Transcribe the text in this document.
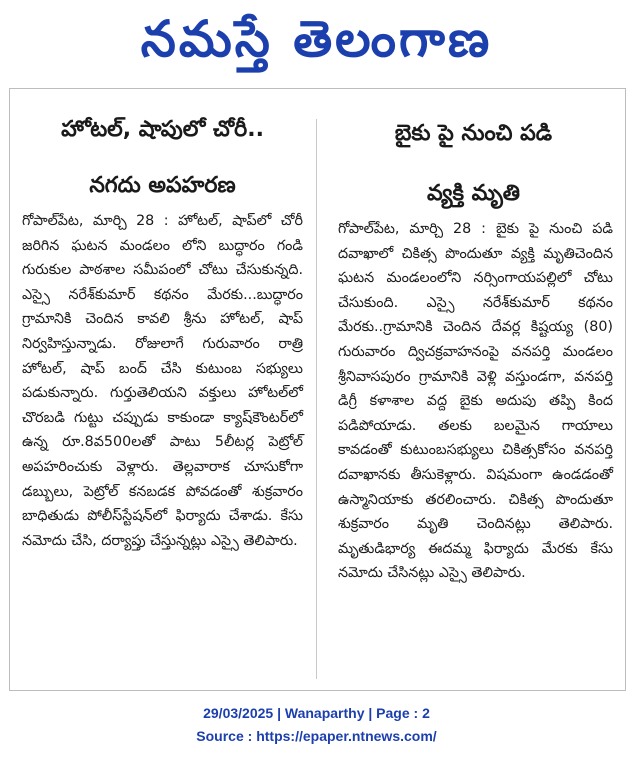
నమస్తే తెలంగాణ

హోటల్, షాపులో చోరీ..

నగదు అపహరణ

గోపాల్‌పేట, మార్చి 28 : హోటల్, షాప్‌లో చోరీ జరిగిన ఘటన మండలం లోని బుద్ధారం గండి గురుకుల పాఠశాల సమీపంలో చోటు చేసుకున్నది. ఎస్సై నరేశ్‌కుమార్ కథనం మేరకు...బుద్ధారం గ్రామానికి చెందిన కావలి శ్రీను హోటల్, షాప్ నిర్వహిస్తున్నాడు. రోజులాగే గురువారం రాత్రి హోటల్, షాప్ బంద్ చేసి కుటుంబ సభ్యులు పడుకున్నారు. గుర్తుతెలియని వక్తులు హోటల్‌లో చొరబడి గుట్టు చప్పుడు కాకుండా క్యాష్‌కౌంటర్‌లో ఉన్న రూ.8వ500లతో పాటు 5లీటర్ల పెట్రోల్ అపహరించుకు వెళ్లారు. తెల్లవారాక చూసుకోగా డబ్బులు, పెట్రోల్ కనబడక పోవడంతో శుక్రవారం బాధితుడు పోలీస్‌స్టేషన్‌లో ఫిర్యాదు చేశాడు. కేసు నమోదు చేసి, దర్యాప్తు చేస్తున్నట్లు ఎస్సై తెలిపారు.

బైకు పై నుంచి పడి

వ్యక్తి మృతి

గోపాల్‌పేట, మార్చి 28 : బైకు పై నుంచి పడి దవాఖాలో చికిత్స పొందుతూ వ్యక్తి మృతిచెందిన ఘటన మండలంలోని నర్సింగాయపల్లిలో చోటు చేసుకుంది. ఎస్సై నరేశ్‌కుమార్ కథనం మేరకు..గ్రామానికి చెందిన దేవర్ల కిష్టయ్య (80) గురువారం ద్విచక్రవాహనంపై వనపర్తి మండలం శ్రీనివాసపురం గ్రామానికి వెళ్లి వస్తుండగా, వనపర్తి డిగ్రీ కళాశాల వద్ద బైకు అదుపు తప్పి కింద పడిపోయాడు. తలకు బలమైన గాయాలు కావడంతో కుటుంబసభ్యులు చికిత్సకోసం వనపర్తి దవాఖానకు తీసుకెళ్లారు. విషమంగా ఉండడంతో ఉస్మానియాకు తరలించారు. చికిత్స పొందుతూ శుక్రవారం మృతి చెందినట్లు తెలిపారు. మృతుడిభార్య ఈదమ్మ ఫిర్యాదు మేరకు కేసు నమోదు చేసినట్లు ఎస్సై తెలిపారు.

29/03/2025 | Wanaparthy | Page : 2
Source : https://epaper.ntnews.com/
